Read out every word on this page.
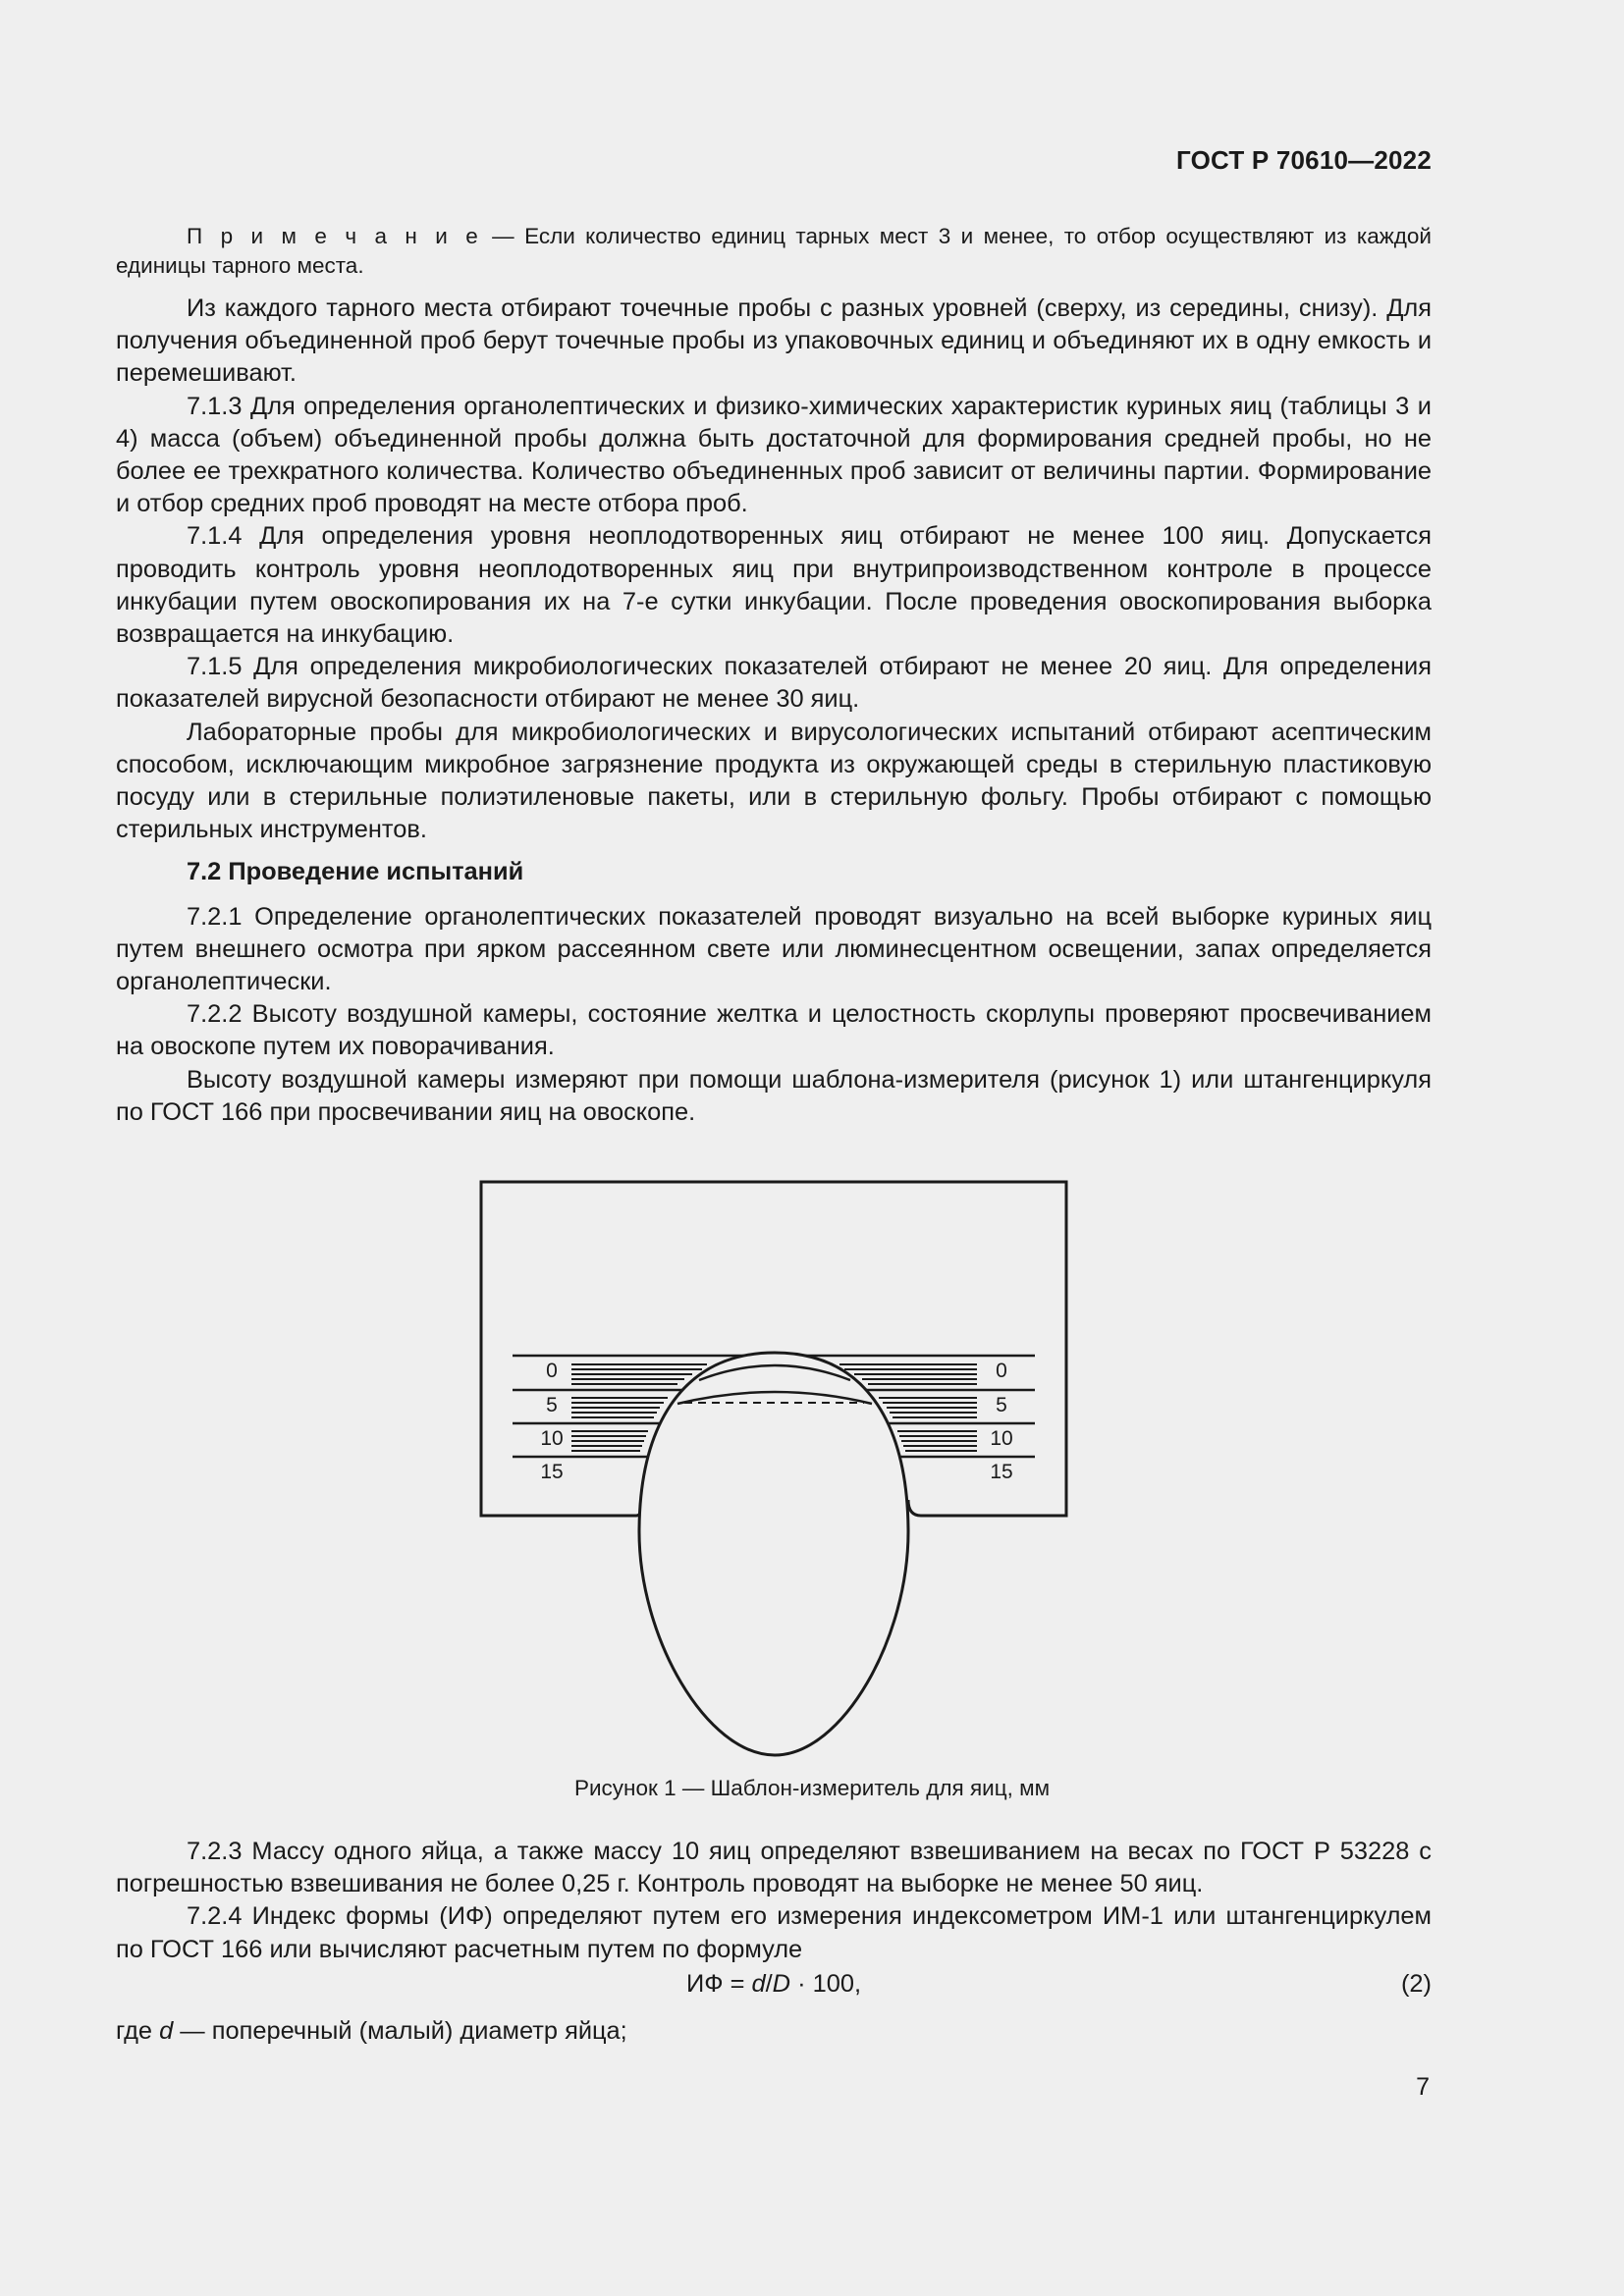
ГОСТ Р 70610—2022

П р и м е ч а н и е — Если количество единиц тарных мест 3 и менее, то отбор осуществляют из каждой единицы тарного места.

Из каждого тарного места отбирают точечные пробы с разных уровней (сверху, из середины, снизу). Для получения объединенной проб берут точечные пробы из упаковочных единиц и объединяют их в одну емкость и перемешивают.

7.1.3 Для определения органолептических и физико-химических характеристик куриных яиц (таблицы 3 и 4) масса (объем) объединенной пробы должна быть достаточной для формирования средней пробы, но не более ее трехкратного количества. Количество объединенных проб зависит от величины партии. Формирование и отбор средних проб проводят на месте отбора проб.

7.1.4 Для определения уровня неоплодотворенных яиц отбирают не менее 100 яиц. Допускается проводить контроль уровня неоплодотворенных яиц при внутрипроизводственном контроле в процессе инкубации путем овоскопирования их на 7-е сутки инкубации. После проведения овоскопирования выборка возвращается на инкубацию.

7.1.5 Для определения микробиологических показателей отбирают не менее 20 яиц. Для определения показателей вирусной безопасности отбирают не менее 30 яиц.

Лабораторные пробы для микробиологических и вирусологических испытаний отбирают асептическим способом, исключающим микробное загрязнение продукта из окружающей среды в стерильную пластиковую посуду или в стерильные полиэтиленовые пакеты, или в стерильную фольгу. Пробы отбирают с помощью стерильных инструментов.

7.2 Проведение испытаний

7.2.1 Определение органолептических показателей проводят визуально на всей выборке куриных яиц путем внешнего осмотра при ярком рассеянном свете или люминесцентном освещении, запах определяется органолептически.

7.2.2 Высоту воздушной камеры, состояние желтка и целостность скорлупы проверяют просвечиванием на овоскопе путем их поворачивания.

Высоту воздушной камеры измеряют при помощи шаблона-измерителя (рисунок 1) или штангенциркуля по ГОСТ 166 при просвечивании яиц на овоскопе.

0
5
10
15
0
5
10
15
Рисунок 1 — Шаблон-измеритель для яиц, мм

7.2.3 Массу одного яйца, а также массу 10 яиц определяют взвешиванием на весах по ГОСТ Р 53228 с погрешностью взвешивания не более 0,25 г. Контроль проводят на выборке не менее 50 яиц.

7.2.4 Индекс формы (ИФ) определяют путем его измерения индексометром ИМ-1 или штангенциркулем по ГОСТ 166 или вычисляют расчетным путем по формуле

ИФ = d/D · 100,	(2)

где d — поперечный (малый) диаметр яйца;

7
